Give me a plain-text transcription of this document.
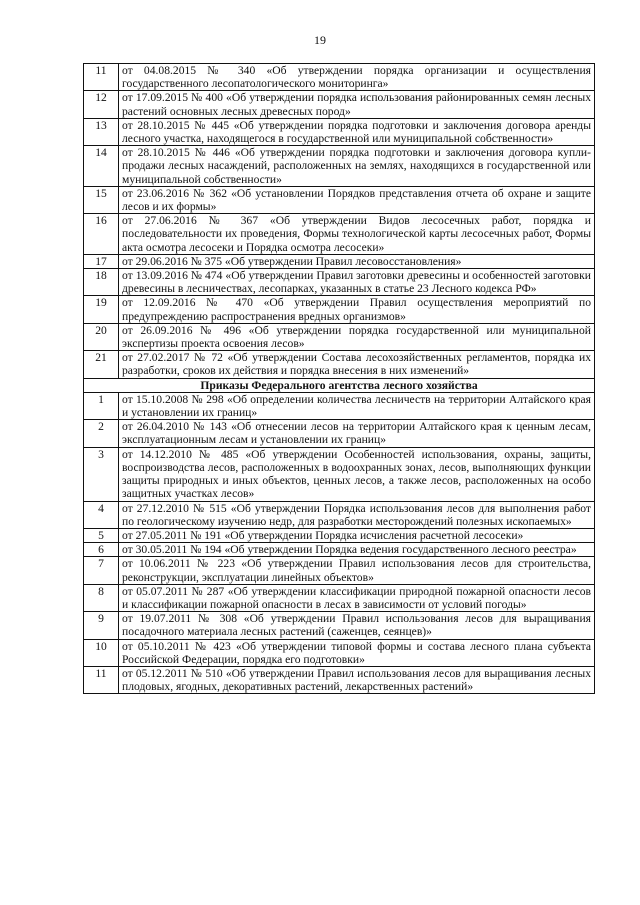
19
11	от 04.08.2015 № 340 «Об утверждении порядка организации и осуществления государственного лесопатологического мониторинга»
12	от 17.09.2015 № 400 «Об утверждении порядка использования районированных семян лесных растений основных лесных древесных пород»
13	от 28.10.2015 № 445 «Об утверждении порядка подготовки и заключения договора аренды лесного участка, находящегося в государственной или муниципальной собственности»
14	от 28.10.2015 № 446 «Об утверждении порядка подготовки и заключения договора купли-продажи лесных насаждений, расположенных на землях, находящихся в государственной или муниципальной собственности»
15	от 23.06.2016 № 362 «Об установлении Порядков представления отчета об охране и защите лесов и их формы»
16	от 27.06.2016 № 367 «Об утверждении Видов лесосечных работ, порядка и последовательности их проведения, Формы технологической карты лесосечных работ, Формы акта осмотра лесосеки и Порядка осмотра лесосеки»
17	от 29.06.2016 № 375 «Об утверждении Правил лесовосстановления»
18	от 13.09.2016 № 474 «Об утверждении Правил заготовки древесины и особенностей заготовки древесины в лесничествах, лесопарках, указанных в статье 23 Лесного кодекса РФ»
19	от 12.09.2016 № 470 «Об утверждении Правил осуществления мероприятий по предупреждению распространения вредных организмов»
20	от 26.09.2016 № 496 «Об утверждении порядка государственной или муниципальной экспертизы проекта освоения лесов»
21	от 27.02.2017 № 72 «Об утверждении Состава лесохозяйственных регламентов, порядка их разработки, сроков их действия и порядка внесения в них изменений»
Приказы Федерального агентства лесного хозяйства	
1	от 15.10.2008 № 298 «Об определении количества лесничеств на территории Алтайского края и установлении их границ»
2	от 26.04.2010 № 143 «Об отнесении лесов на территории Алтайского края к ценным лесам, эксплуатационным лесам и установлении их границ»
3	от 14.12.2010 № 485 «Об утверждении Особенностей использования, охраны, защиты, воспроизводства лесов, расположенных в водоохранных зонах, лесов, выполняющих функции защиты природных и иных объектов, ценных лесов, а также лесов, расположенных на особо защитных участках лесов»
4	от 27.12.2010 № 515 «Об утверждении Порядка использования лесов для выполнения работ по геологическому изучению недр, для разработки месторождений полезных ископаемых»
5	от 27.05.2011 № 191 «Об утверждении Порядка исчисления расчетной лесосеки»
6	от 30.05.2011 № 194 «Об утверждении Порядка ведения государственного лесного реестра»
7	от 10.06.2011 № 223 «Об утверждении Правил использования лесов для строительства, реконструкции, эксплуатации линейных объектов»
8	от 05.07.2011 № 287 «Об утверждении классификации природной пожарной опасности лесов и классификации пожарной опасности в лесах в зависимости от условий погоды»
9	от 19.07.2011 № 308 «Об утверждении Правил использования лесов для выращивания посадочного материала лесных растений (саженцев, сеянцев)»
10	от 05.10.2011 № 423 «Об утверждении типовой формы и состава лесного плана субъекта Российской Федерации, порядка его подготовки»
11	от 05.12.2011 № 510 «Об утверждении Правил использования лесов для выращивания лесных плодовых, ягодных, декоративных растений, лекарственных растений»
